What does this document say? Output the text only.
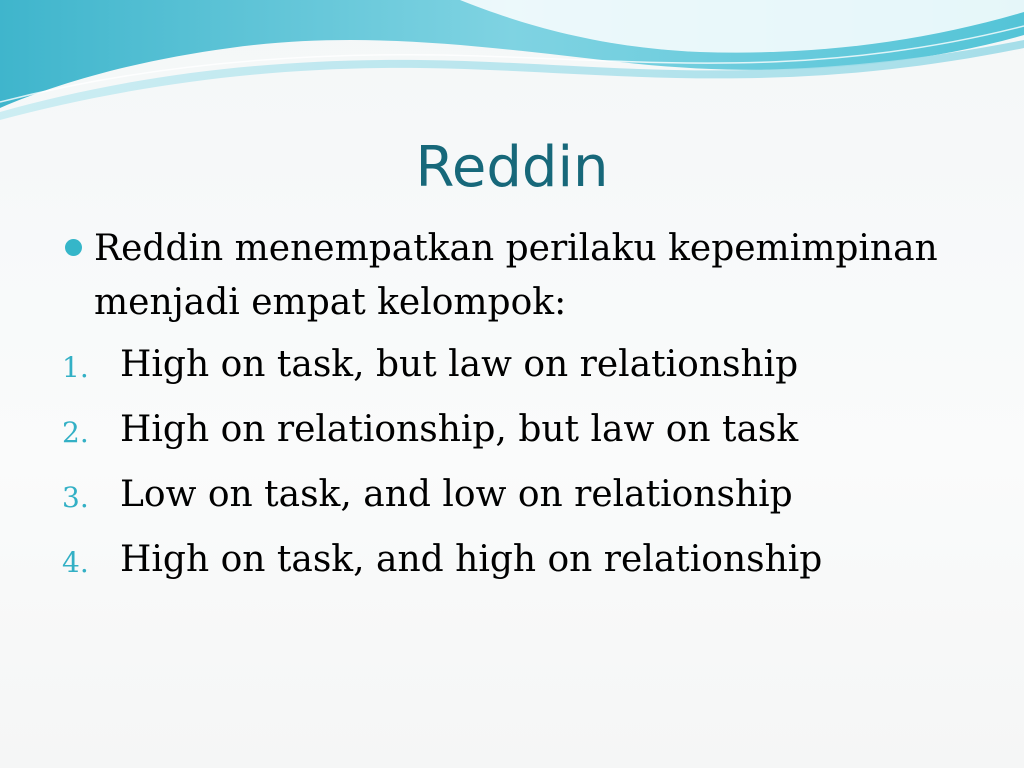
Reddin
Reddin menempatkan perilaku kepemimpinan menjadi empat kelompok:
1. High on task, but law on relationship
2. High on relationship, but law on task
3. Low on task, and low on relationship
4. High on task, and high on relationship
